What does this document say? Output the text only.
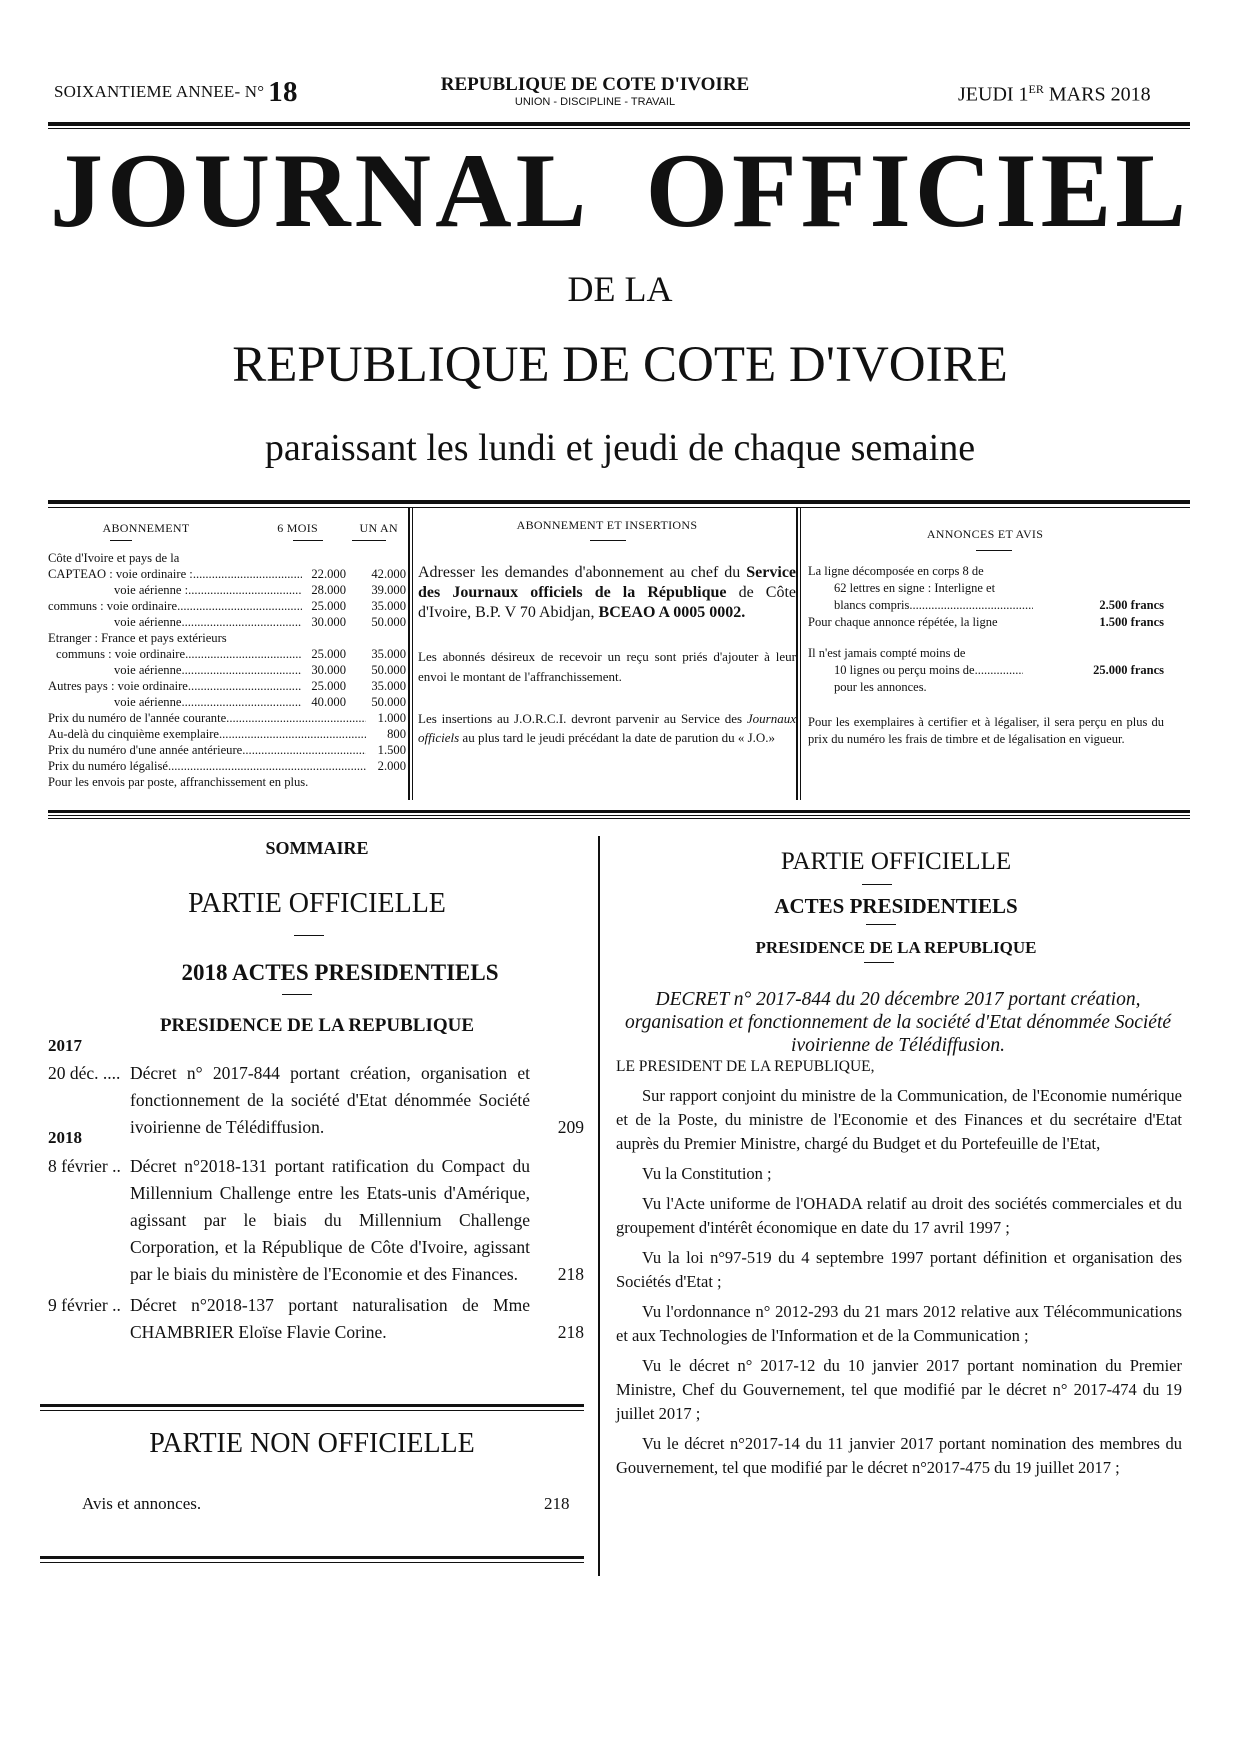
SOIXANTIEME ANNEE- N° 18	REPUBLIQUE DE COTE D'IVOIRE
UNION - DISCIPLINE - TRAVAIL	JEUDI 1ER MARS 2018
JOURNAL OFFICIEL
DE LA
REPUBLIQUE DE COTE D'IVOIRE
paraissant les lundi et jeudi de chaque semaine
ABONNEMENT	6 MOIS	UN AN
Côte d'Ivoire et pays de la
CAPTEAO : voie ordinaire : .....	22.000	42.000
voie aérienne : .....	28.000	39.000
communs : voie ordinaire .....	25.000	35.000
voie aérienne .....	30.000	50.000
Etranger : France et pays extérieurs
communs : voie ordinaire .....	25.000	35.000
voie aérienne .....	30.000	50.000
Autres pays : voie ordinaire .....	25.000	35.000
voie aérienne .....	40.000	50.000
Prix du numéro de l'année courante .....	1.000
Au-delà du cinquième exemplaire .....	800
Prix du numéro d'une année antérieure .....	1.500
Prix du numéro légalisé .....	2.000
Pour les envois par poste, affranchissement en plus.
ABONNEMENT ET INSERTIONS
Adresser les demandes d'abonnement au chef du Service des Journaux officiels de la République de Côte d'Ivoire, B.P. V 70 Abidjan, BCEAO A 0005 0002.
Les abonnés désireux de recevoir un reçu sont priés d'ajouter à leur envoi le montant de l'affranchissement.
Les insertions au J.O.R.C.I. devront parvenir au Service des Journaux officiels au plus tard le jeudi précédant la date de parution du « J.O.»
ANNONCES ET AVIS
La ligne décomposée en corps 8 de
62 lettres en signe : Interligne et
blancs compris .....	2.500 francs
Pour chaque annonce répétée, la ligne	1.500 francs
Il n'est jamais compté moins de
10 lignes ou perçu moins de .....	25.000 francs
pour les annonces.
Pour les exemplaires à certifier et à légaliser, il sera perçu en plus du prix du numéro les frais de timbre et de légalisation en vigueur.
SOMMAIRE
PARTIE OFFICIELLE
2018 ACTES PRESIDENTIELS
PRESIDENCE DE LA REPUBLIQUE
2017
20 déc. .... Décret n° 2017-844 portant création, organisation et fonctionnement de la société d'Etat dénommée Société ivoirienne de Télédiffusion.	209
8 février .. Décret n°2018-131 portant ratification du Compact du Millennium Challenge entre les Etats-unis d'Amérique, agissant par le biais du Millennium Challenge Corporation, et la République de Côte d'Ivoire, agissant par le biais du ministère de l'Economie et des Finances.	218
9 février .. Décret n°2018-137 portant naturalisation de Mme CHAMBRIER Eloïse Flavie Corine.	218
2018
PARTIE NON OFFICIELLE
Avis et annonces.	218
PARTIE OFFICIELLE
ACTES PRESIDENTIELS
PRESIDENCE DE LA REPUBLIQUE
DECRET n° 2017-844 du 20 décembre 2017 portant création, organisation et fonctionnement de la société d'Etat dénommée Société ivoirienne de Télédiffusion.
LE PRESIDENT DE LA REPUBLIQUE,

Sur rapport conjoint du ministre de la Communication, de l'Economie numérique et de la Poste, du ministre de l'Economie et des Finances et du secrétaire d'Etat auprès du Premier Ministre, chargé du Budget et du Portefeuille de l'Etat,

Vu la Constitution ;

Vu l'Acte uniforme de l'OHADA relatif au droit des sociétés commerciales et du groupement d'intérêt économique en date du 17 avril 1997 ;

Vu la loi n°97-519 du 4 septembre 1997 portant définition et organisation des Sociétés d'Etat ;

Vu l'ordonnance n° 2012-293 du 21 mars 2012 relative aux Télécommunications et aux Technologies de l'Information et de la Communication ;

Vu le décret n° 2017-12 du 10 janvier 2017 portant nomination du Premier Ministre, Chef du Gouvernement, tel que modifié par le décret n° 2017-474 du 19 juillet 2017 ;

Vu le décret n°2017-14 du 11 janvier 2017 portant nomination des membres du Gouvernement, tel que modifié par le décret n°2017-475 du 19 juillet 2017 ;
